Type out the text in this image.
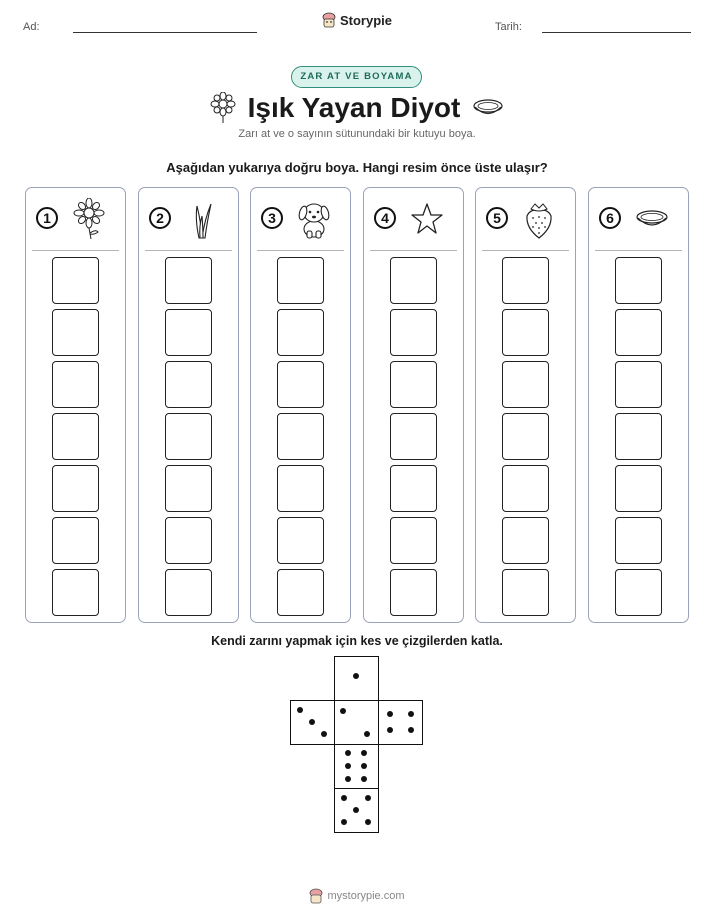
Ad:	Tarih:
Storypie
ZAR AT VE BOYAMA
Işık Yayan Diyot
Zarı at ve o sayının sütunundaki bir kutuyu boya.
Aşağıdan yukarıya doğru boya. Hangi resim önce üste ulaşır?
1	2	3	4	5	6
Kendi zarını yapmak için kes ve çizgilerden katla.
mystorypie.com
